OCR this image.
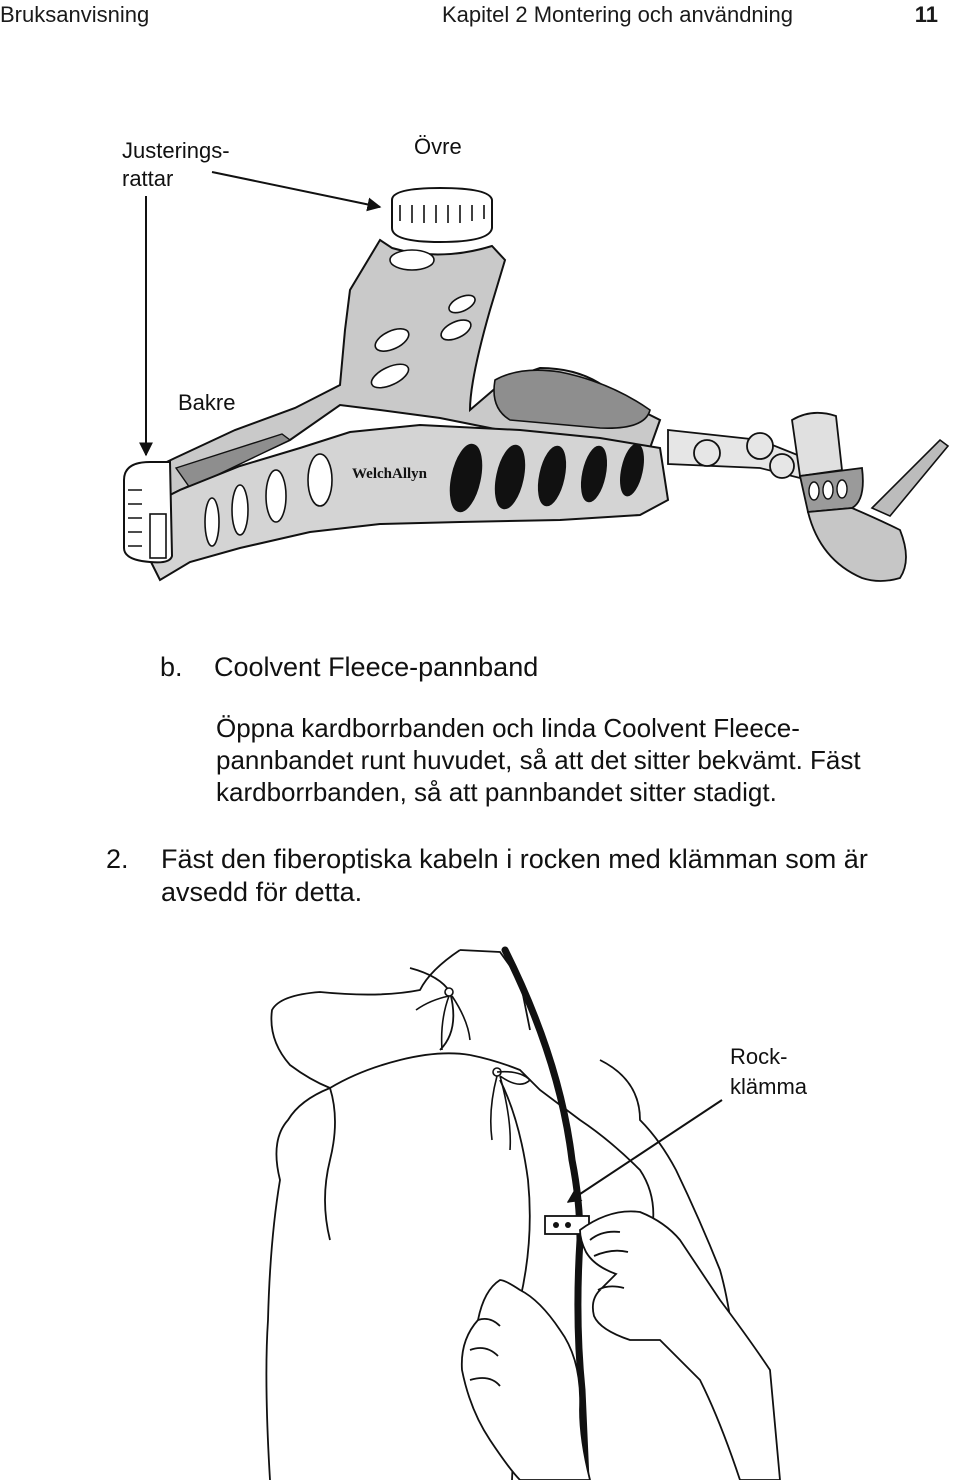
Bruksanvisning	Kapitel 2 Montering och användning	11
Justerings-
rattar
Övre
Bakre
WelchAllyn
b. Coolvent Fleece-pannband
Öppna kardborrbanden och linda Coolvent Fleece-
pannbandet runt huvudet, så att det sitter bekvämt. Fäst
kardborrbanden, så att pannbandet sitter stadigt.
2. Fäst den fiberoptiska kabeln i rocken med klämman som är
avsedd för detta.
Rock-
klämma
